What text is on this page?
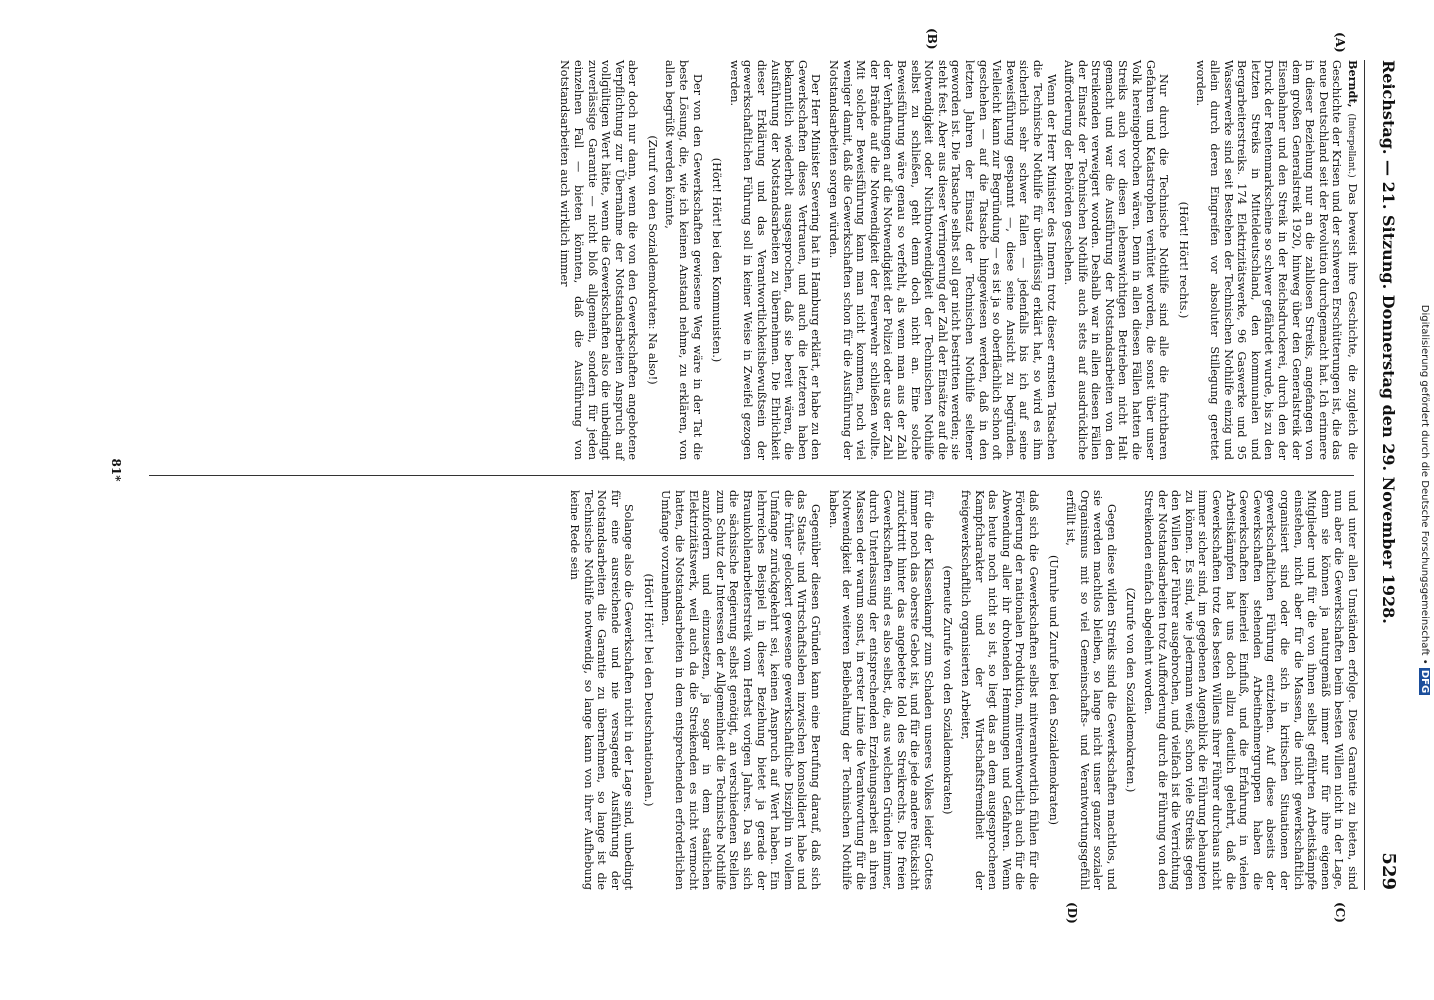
Reichstag. — 21. Sitzung. Donnerstag den 29. November 1928.
529
(A)
(B)
(C)
(D)

Berndt, (Interpellant.) Das beweist ihre Geschichte, die zugleich die Geschichte der Krisen und der schweren Erschütterungen ist, die das neue Deutschland seit der Revolution durchgemacht hat. Ich erinnere in dieser Beziehung nur an die zahllosen Streiks, angefangen von dem großen Generalstreik 1920, hinweg über den Generalstreik der Eisenbahner und den Streik in der Reichsdruckerei, durch den der Druck der Rentenmarkscheine so schwer gefährdet wurde, bis zu den letzten Streiks in Mitteldeutschland, den kommunalen und Bergarbeiterstreiks. 174 Elektrizitätswerke, 96 Gaswerke und 95 Wasserwerke sind seit Bestehen der Technischen Nothilfe einzig und allein durch deren Eingreifen vor absoluter Stillegung gerettet worden.

(Hört! Hört! rechts.)

Nur durch die Technische Nothilfe sind alle die furchtbaren Gefahren und Katastrophen verhütet worden, die sonst über unser Volk hereingebrochen wären. Denn in allen diesen Fällen hatten die Streiks auch vor diesen lebenswichtigen Betrieben nicht Halt gemacht und war die Ausführung der Notstandsarbeiten von den Streikenden verweigert worden. Deshalb war in allen diesen Fällen der Einsatz der Technischen Nothilfe auch stets auf ausdrückliche Aufforderung der Behörden geschehen.

Wenn der Herr Minister des Innern trotz dieser ernsten Tatsachen die Technische Nothilfe für überflüssig erklärt hat, so wird es ihm sicherlich sehr schwer fallen — jedenfalls bis ich auf seine Beweisführung gespannt —, diese seine Ansicht zu begründen. Vielleicht kann zur Begründung — es ist ja so oberflächlich schon oft geschehen — auf die Tatsache hingewiesen werden, daß in den letzten Jahren der Einsatz der Technischen Nothilfe seltener geworden ist. Die Tatsache selbst soll gar nicht bestritten werden; sie steht fest. Aber aus dieser Verringerung der Zahl der Einsätze auf die Notwendigkeit oder Nichtnotwendigkeit der Technischen Nothilfe selbst zu schließen, geht denn doch nicht an. Eine solche Beweisführung wäre genau so verfehlt, als wenn man aus der Zahl der Verhaftungen auf die Notwendigkeit der Polizei oder aus der Zahl der Brände auf die Notwendigkeit der Feuerwehr schließen wollte. Mit solcher Beweisführung kann man nicht kommen, noch viel weniger damit, daß die Gewerkschaften schon für die Ausführung der Notstandsarbeiten sorgen würden.

Der Herr Minister Severing hat in Hamburg erklärt, er habe zu den Gewerkschaften dieses Vertrauen, und auch die letzteren haben bekanntlich wiederholt ausgesprochen, daß sie bereit wären, die Ausführung der Notstandsarbeiten zu übernehmen. Die Ehrlichkeit dieser Erklärung und das Verantwortlichkeitsbewußtsein der gewerkschaftlichen Führung soll in keiner Weise in Zweifel gezogen werden.

(Hört! Hört! bei den Kommunisten.)

Der von den Gewerkschaften gewiesene Weg wäre in der Tat die beste Lösung, die, wie ich keinen Anstand nehme, zu erklären, von allen begrüßt werden könnte,

(Zuruf von den Sozialdemokraten: Na also!)

aber doch nur dann, wenn die von den Gewerkschaften angebotene Verpflichtung zur Übernahme der Notstandsarbeiten Anspruch auf vollgültigen Wert hätte, wenn die Gewerkschaften also die unbedingt zuverlässige Garantie — nicht bloß allgemein, sondern für jeden einzelnen Fall — bieten könnten, daß die Ausführung von Notstandsarbeiten auch wirklich immer

und unter allen Umständen erfolge. Diese Garantie zu bieten, sind nun aber die Gewerkschaften beim besten Willen nicht in der Lage, denn sie können ja naturgemäß immer nur für ihre eigenen Mitglieder und für die von ihnen selbst geführten Arbeitskämpfe einstehen, nicht aber für die Massen, die nicht gewerkschaftlich organisiert sind oder die sich in kritischen Situationen der gewerkschaftlichen Führung entziehen. Auf diese abseits der Gewerkschaften stehenden Arbeitnehmergruppen haben die Gewerkschaften keinerlei Einfluß, und die Erfahrung in vielen Arbeitskämpfen hat uns doch allzu deutlich gelehrt, daß die Gewerkschaften trotz des besten Willens ihrer Führer durchaus nicht immer sicher sind, im gegebenen Augenblick die Führung behaupten zu können. Es sind, wie jedermann weiß, schon viele Streiks gegen den Willen der Führer ausgebrochen, und vielfach ist die Verrichtung der Notstandsarbeiten trotz Aufforderung durch die Führung von den Streikenden einfach abgelehnt worden.

(Zurufe von den Sozialdemokraten.)

Gegen diese wilden Streiks sind die Gewerkschaften machtlos, und sie werden machtlos bleiben, so lange nicht unser ganzer sozialer Organismus mit so viel Gemeinschafts- und Verantwortungsgefühl erfüllt ist,

(Unruhe und Zurufe bei den Sozialdemokraten)

daß sich die Gewerkschaften selbst mitverantwortlich fühlen für die Förderung der nationalen Produktion, mitverantwortlich auch für die Abwendung aller ihr drohenden Hemmungen und Gefahren. Wenn das heute noch nicht so ist, so liegt das an dem ausgesprochenen Kampfcharakter und der Wirtschaftsfremdheit der freigewerkschaftlich organisierten Arbeiter,

(erneute Zurufe von den Sozialdemokraten)

für die der Klassenkampf zum Schaden unseres Volkes leider Gottes immer noch das oberste Gebot ist, und für die jede andere Rücksicht zurücktritt hinter das angebetete Idol des Streikrechts. Die freien Gewerkschaften sind es also selbst, die, aus welchen Gründen immer, durch Unterlassung der entsprechenden Erziehungsarbeit an ihren Massen oder warum sonst, in erster Linie die Verantwortung für die Notwendigkeit der weiteren Beibehaltung der Technischen Nothilfe haben.

Gegenüber diesen Gründen kann eine Berufung darauf, daß sich das Staats- und Wirtschaftsleben inzwischen konsolidiert habe und die früher gelockert gewesene gewerkschaftliche Disziplin in vollem Umfange zurückgekehrt sei, keinen Anspruch auf Wert haben. Ein lehrreiches Beispiel in dieser Beziehung bietet ja gerade der Braunkohlenarbeiterstreik vom Herbst vorigen Jahres. Da sah sich die sächsische Regierung selbst genötigt, an verschiedenen Stellen zum Schutz der Interessen der Allgemeinheit die Technische Nothilfe anzufordern und einzusetzen, ja sogar in dem staatlichen Elektrizitätswerk, weil auch da die Streikenden es nicht vermocht hatten, die Notstandsarbeiten in dem entsprechenden erforderlichen Umfange vorzunehmen.

(Hört! Hört! bei den Deutschnationalen.)

Solange also die Gewerkschaften nicht in der Lage sind, unbedingt für eine ausreichende und nie versagende Ausführung der Notstandsarbeiten die Garantie zu übernehmen, so lange ist die Technische Nothilfe notwendig, so lange kann von ihrer Aufhebung keine Rede sein

81*	Digitalisierung gefördert durch die Deutsche Forschungsgemeinschaft • DFG
